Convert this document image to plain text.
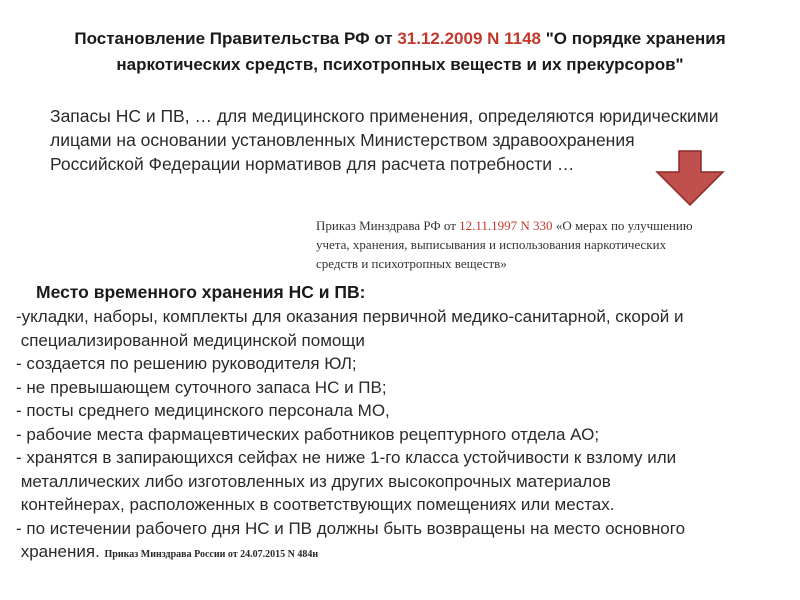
Постановление Правительства РФ от 31.12.2009 N 1148 "О порядке хранения
наркотических средств, психотропных веществ и их прекурсоров"
Запасы НС и ПВ, … для медицинского применения, определяются юридическими
лицами на основании установленных Министерством здравоохранения
Российской Федерации нормативов для расчета потребности …
Приказ Минздрава РФ от 12.11.1997 N 330 «О мерах по улучшению
учета, хранения, выписывания и использования наркотических
средств и психотропных веществ»
Место временного хранения НС и ПВ:

-укладки, наборы, комплекты для оказания первичной медико-санитарной, скорой и

специализированной медицинской помощи

- создается по решению руководителя ЮЛ;

- не превышающем суточного запаса НС и ПВ;

- посты среднего медицинского персонала МО,

- рабочие места фармацевтических работников рецептурного отдела АО;

- хранятся в запирающихся сейфах не ниже 1-го класса устойчивости к взлому или

металлических либо изготовленных из других высокопрочных материалов

контейнерах, расположенных в соответствующих помещениях или местах.

- по истечении рабочего дня НС и ПВ должны быть возвращены на место основного

хранения. Приказ Минздрава России от 24.07.2015 N 484н
